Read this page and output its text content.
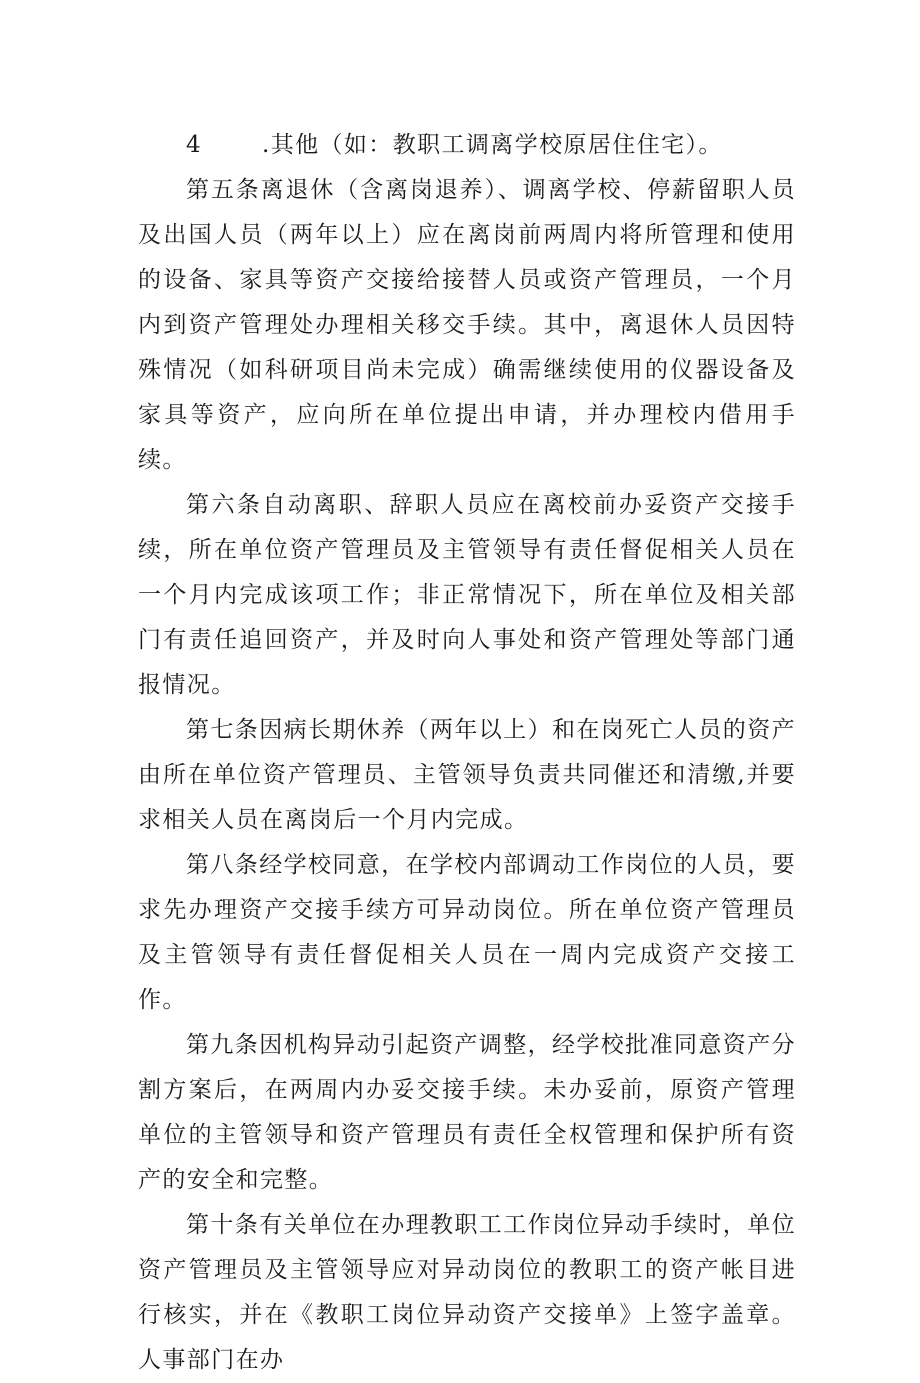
4	.其他（如：教职工调离学校原居住住宅）。

第五条离退休（含离岗退养）、调离学校、停薪留职人员及出国人员（两年以上）应在离岗前两周内将所管理和使用的设备、家具等资产交接给接替人员或资产管理员，一个月内到资产管理处办理相关移交手续。其中，离退休人员因特殊情况（如科研项目尚未完成）确需继续使用的仪器设备及家具等资产，应向所在单位提出申请，并办理校内借用手续。

第六条自动离职、辞职人员应在离校前办妥资产交接手续，所在单位资产管理员及主管领导有责任督促相关人员在一个月内完成该项工作；非正常情况下，所在单位及相关部门有责任追回资产，并及时向人事处和资产管理处等部门通报情况。

第七条因病长期休养（两年以上）和在岗死亡人员的资产由所在单位资产管理员、主管领导负责共同催还和清缴,并要求相关人员在离岗后一个月内完成。

第八条经学校同意，在学校内部调动工作岗位的人员，要求先办理资产交接手续方可异动岗位。所在单位资产管理员及主管领导有责任督促相关人员在一周内完成资产交接工作。

第九条因机构异动引起资产调整，经学校批准同意资产分割方案后，在两周内办妥交接手续。未办妥前，原资产管理单位的主管领导和资产管理员有责任全权管理和保护所有资产的安全和完整。

第十条有关单位在办理教职工工作岗位异动手续时，单位资产管理员及主管领导应对异动岗位的教职工的资产帐目进行核实，并在《教职工岗位异动资产交接单》上签字盖章。人事部门在办
